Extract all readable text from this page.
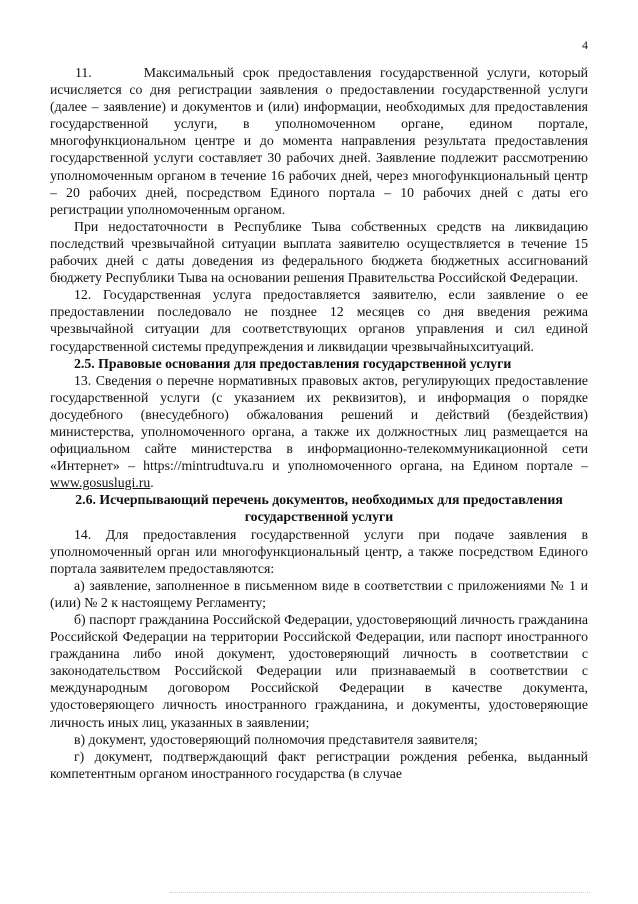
4

11.      Максимальный срок предоставления государственной услуги, который исчисляется со дня регистрации заявления о предоставлении государственной услуги (далее – заявление) и документов и (или) информации, необходимых для предоставления государственной услуги, в уполномоченном органе, едином портале, многофункциональном центре и до момента направления результата предоставления государственной услуги составляет 30 рабочих дней. Заявление подлежит рассмотрению уполномоченным органом в течение 16 рабочих дней, через многофункциональный центр – 20 рабочих дней, посредством Единого портала – 10 рабочих дней с даты его регистрации уполномоченным органом.

При недостаточности в Республике Тыва собственных средств на ликвидацию последствий чрезвычайной ситуации выплата заявителю осуществляется в течение 15 рабочих дней с даты доведения из федерального бюджета бюджетных ассигнований бюджету Республики Тыва на основании решения Правительства Российской Федерации.

12. Государственная услуга предоставляется заявителю, если заявление о ее предоставлении последовало не позднее 12 месяцев со дня введения режима чрезвычайной ситуации для соответствующих органов управления и сил единой государственной системы предупреждения и ликвидации чрезвычайныхситуаций.

2.5. Правовые основания для предоставления государственной услуги

13. Сведения о перечне нормативных правовых актов, регулирующих предоставление государственной услуги (с указанием их реквизитов), и информация о порядке досудебного (внесудебного) обжалования решений и действий (бездействия) министерства, уполномоченного органа, а также их должностных лиц размещается на официальном сайте министерства в информационно-телекоммуникационной сети «Интернет» – https://mintrudtuva.ru и уполномоченного органа, на Едином портале – www.gosuslugi.ru.

2.6. Исчерпывающий перечень документов, необходимых для предоставления государственной услуги

14. Для предоставления государственной услуги при подаче заявления в уполномоченный орган или многофункциональный центр, а также посредством Единого портала заявителем предоставляются:

а) заявление, заполненное в письменном виде в соответствии с приложениями № 1 и (или) № 2 к настоящему Регламенту;

б) паспорт гражданина Российской Федерации, удостоверяющий личность гражданина Российской Федерации на территории Российской Федерации, или паспорт иностранного гражданина либо иной документ, удостоверяющий личность в соответствии с законодательством Российской Федерации или признаваемый в соответствии с международным договором Российской Федерации в качестве документа, удостоверяющего личность иностранного гражданина, и документы, удостоверяющие личность иных лиц, указанных в заявлении;

в) документ, удостоверяющий полномочия представителя заявителя;

г) документ, подтверждающий факт регистрации рождения ребенка, выданный компетентным органом иностранного государства (в случае
